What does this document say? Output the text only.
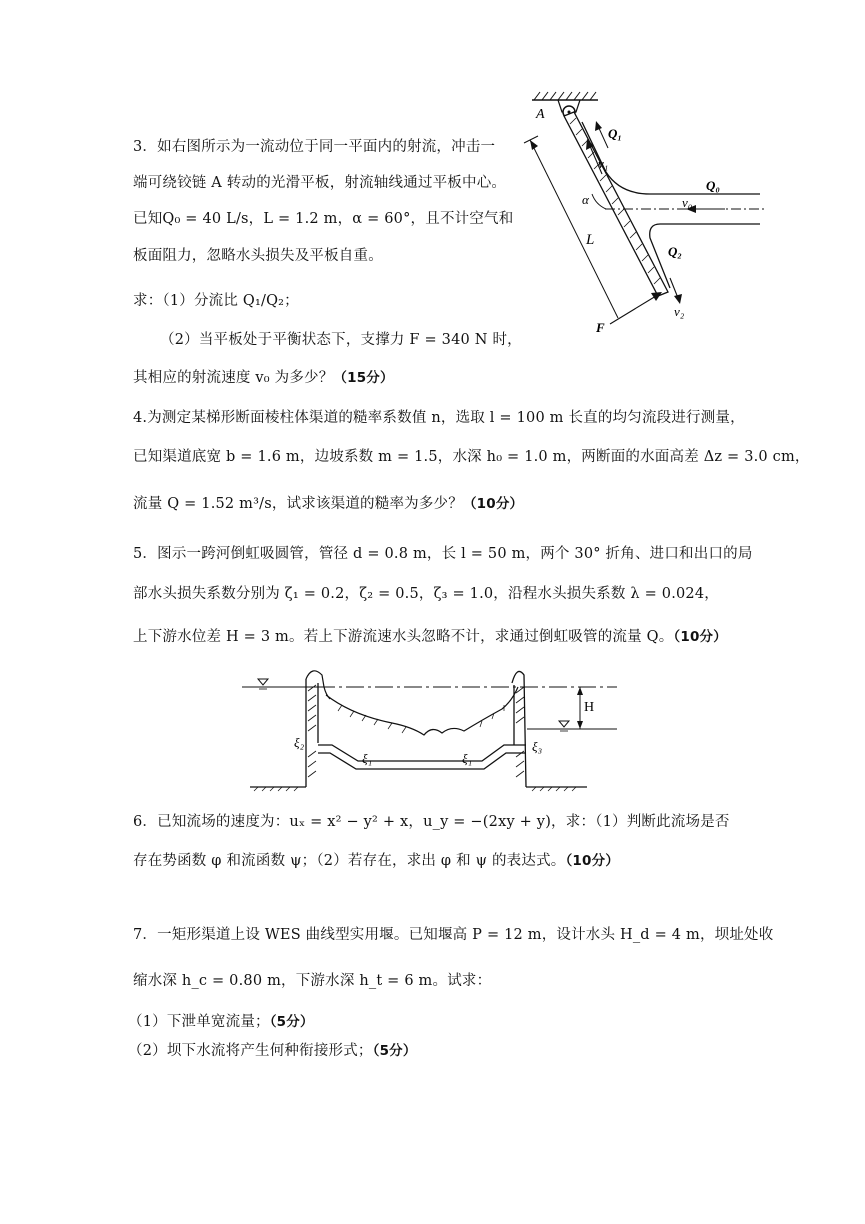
3．如右图所示为一流动位于同一平面内的射流，冲击一
端可绕铰链 A 转动的光滑平板，射流轴线通过平板中心。
已知Q₀ = 40 L/s，L = 1.2 m，α = 60°，且不计空气和
板面阻力，忽略水头损失及平板自重。
求：（1）分流比 Q₁/Q₂；
（2）当平板处于平衡状态下，支撑力 F = 340 N 时，
其相应的射流速度 v₀ 为多少？（15分）
A
Q₁
v₁
Q₀
v₀
α
L
Q₂
F
v₂
4.为测定某梯形断面棱柱体渠道的糙率系数值 n，选取 l = 100 m 长直的均匀流段进行测量，
已知渠道底宽 b = 1.6 m，边坡系数 m = 1.5，水深 h₀ = 1.0 m，两断面的水面高差 Δz = 3.0 cm，
流量 Q = 1.52 m³/s，试求该渠道的糙率为多少？（10分）
5．图示一跨河倒虹吸圆管，管径 d = 0.8 m，长 l = 50 m，两个 30° 折角、进口和出口的局
部水头损失系数分别为 ζ₁ = 0.2，ζ₂ = 0.5，ζ₃ = 1.0，沿程水头损失系数 λ = 0.024，
上下游水位差 H = 3 m。若上下游流速水头忽略不计，求通过倒虹吸管的流量 Q。（10分）
H
ξ₂
ξ₁	ξ₁
ξ₃
6．已知流场的速度为：uₓ = x² − y² + x，u_y = −(2xy + y)，求：（1）判断此流场是否
存在势函数 φ 和流函数 ψ；（2）若存在，求出 φ 和 ψ 的表达式。（10分）
7．一矩形渠道上设 WES 曲线型实用堰。已知堰高 P = 12 m，设计水头 H_d = 4 m，坝址处收
缩水深 h_c = 0.80 m，下游水深 h_t = 6 m。试求：
（1）下泄单宽流量；（5分）
（2）坝下水流将产生何种衔接形式；（5分）
